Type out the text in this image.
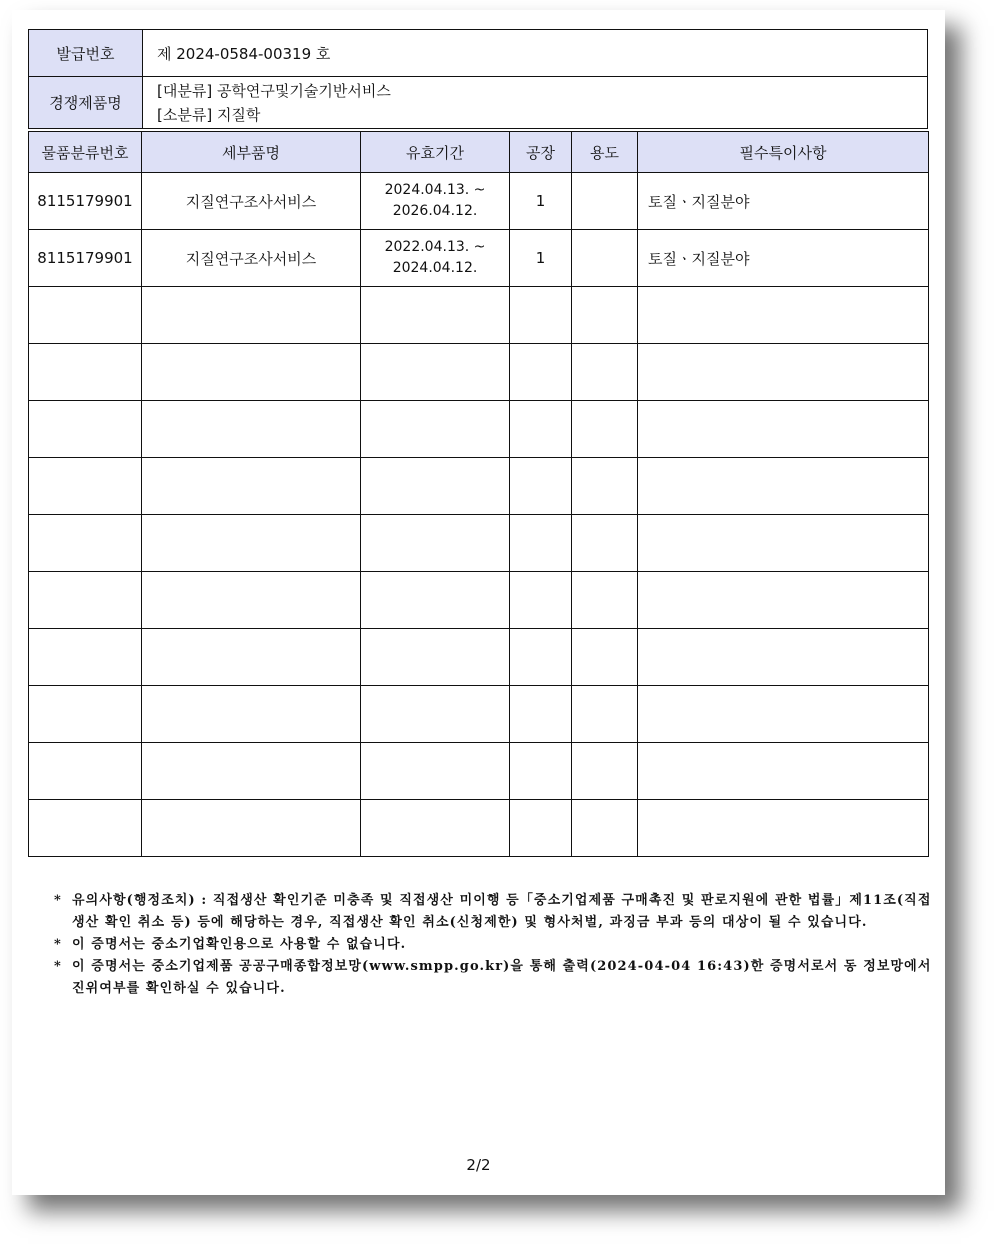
발급번호	제 2024-0584-00319 호
경쟁제품명	[대분류] 공학연구및기술기반서비스
[소분류] 지질학
물품분류번호	세부품명	유효기간	공장	용도	필수특이사항
8115179901	지질연구조사서비스	2024.04.13. ~
2026.04.12.	1		토질ㆍ지질분야
8115179901	지질연구조사서비스	2022.04.13. ~
2024.04.12.	1		토질ㆍ지질분야

* 유의사항(행정조치) : 직접생산 확인기준 미충족 및 직접생산 미이행 등「중소기업제품 구매촉진 및 판로지원에 관한 법률」제11조(직접생산 확인 취소 등) 등에 해당하는 경우, 직접생산 확인 취소(신청제한) 및 형사처벌, 과징금 부과 등의 대상이 될 수 있습니다.

* 이 증명서는 중소기업확인용으로 사용할 수 없습니다.

* 이 증명서는 중소기업제품 공공구매종합정보망(www.smpp.go.kr)을 통해 출력(2024-04-04 16:43)한 증명서로서 동 정보망에서 진위여부를 확인하실 수 있습니다.

2/2
